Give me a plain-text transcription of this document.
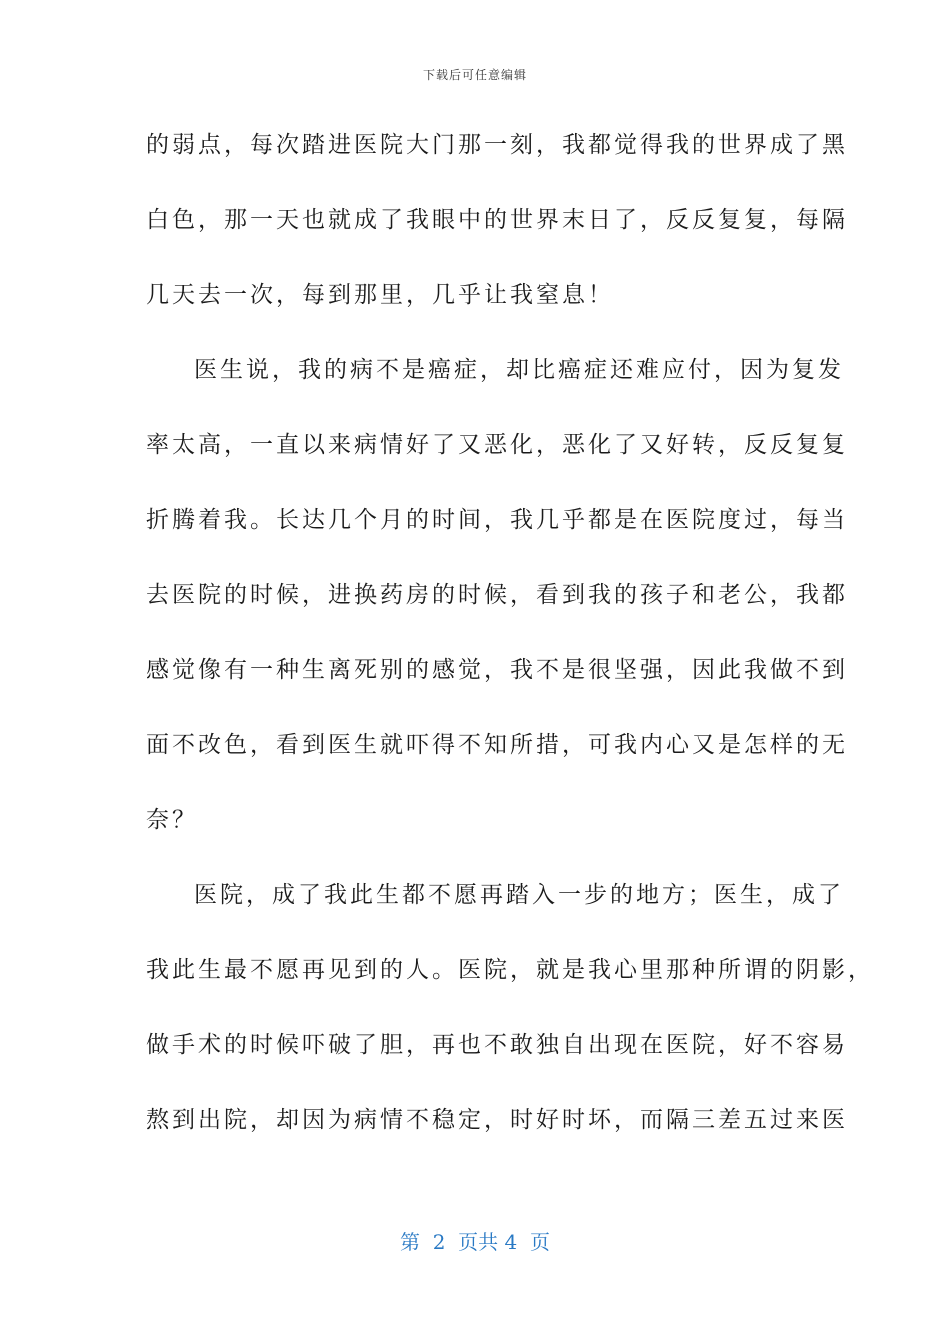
下载后可任意编辑
的弱点，每次踏进医院大门那一刻，我都觉得我的世界成了黑
白色，那一天也就成了我眼中的世界末日了，反反复复，每隔
几天去一次，每到那里，几乎让我窒息！
医生说，我的病不是癌症，却比癌症还难应付，因为复发
率太高，一直以来病情好了又恶化，恶化了又好转，反反复复
折腾着我。长达几个月的时间，我几乎都是在医院度过，每当
去医院的时候，进换药房的时候，看到我的孩子和老公，我都
感觉像有一种生离死别的感觉，我不是很坚强，因此我做不到
面不改色，看到医生就吓得不知所措，可我内心又是怎样的无
奈？
医院，成了我此生都不愿再踏入一步的地方；医生，成了
我此生最不愿再见到的人。医院，就是我心里那种所谓的阴影，
做手术的时候吓破了胆，再也不敢独自出现在医院，好不容易
熬到出院，却因为病情不稳定，时好时坏，而隔三差五过来医
第  2  页共 4  页
